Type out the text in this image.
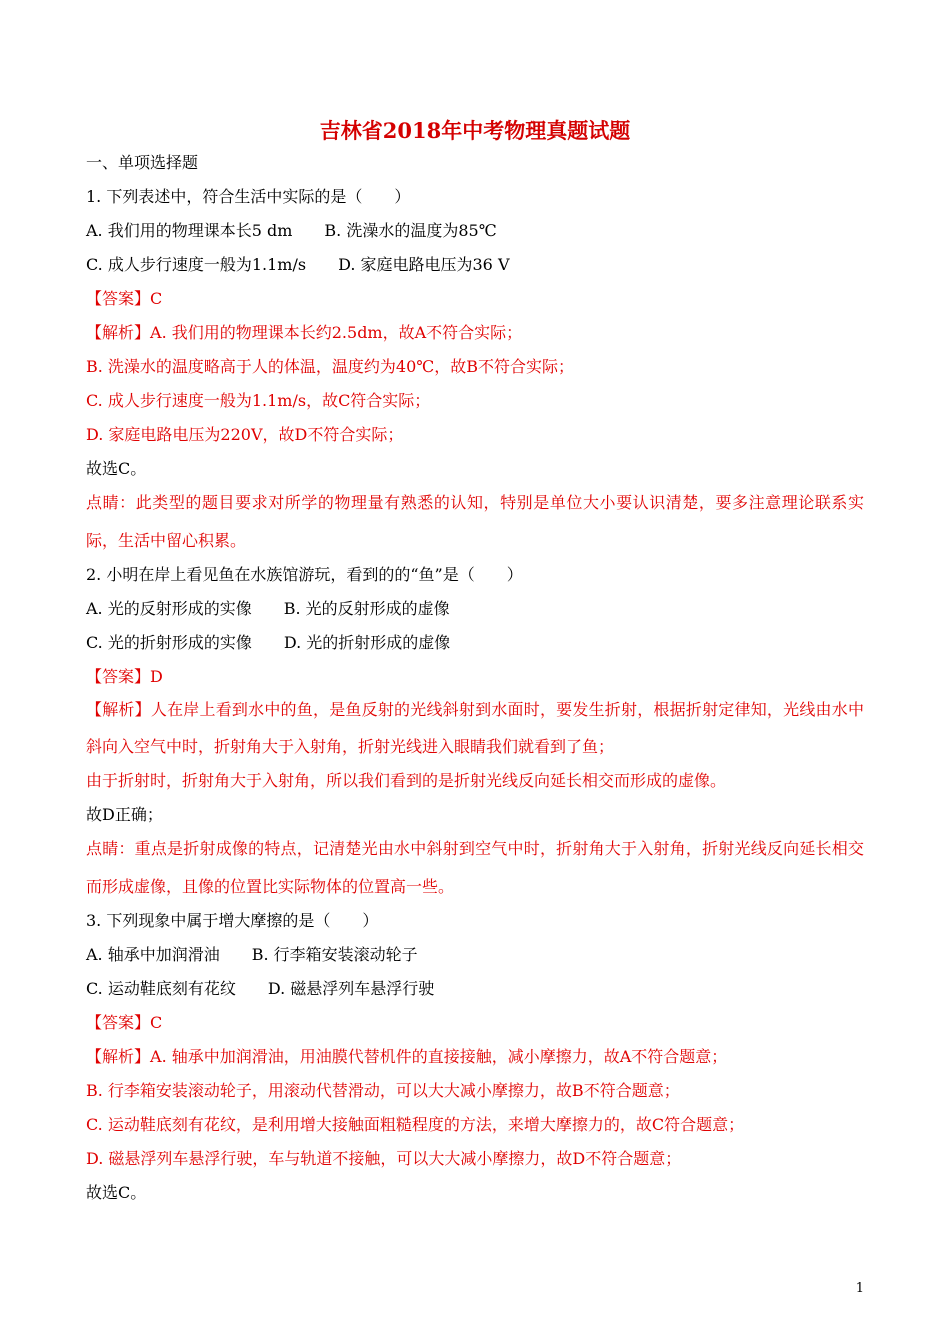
吉林省2018年中考物理真题试题
一、单项选择题
1. 下列表述中，符合生活中实际的是（　　）
A. 我们用的物理课本长5 dm　　B. 洗澡水的温度为85℃
C. 成人步行速度一般为1.1m/s　　D. 家庭电路电压为36 V
【答案】C
【解析】A. 我们用的物理课本长约2.5dm，故A不符合实际；
B. 洗澡水的温度略高于人的体温，温度约为40℃，故B不符合实际；
C. 成人步行速度一般为1.1m/s，故C符合实际；
D. 家庭电路电压为220V，故D不符合实际；
故选C。
点睛：此类型的题目要求对所学的物理量有熟悉的认知，特别是单位大小要认识清楚，要多注意理论联系实
际，生活中留心积累。
2. 小明在岸上看见鱼在水族馆游玩，看到的的“鱼”是（　　）
A. 光的反射形成的实像　　B. 光的反射形成的虚像
C. 光的折射形成的实像　　D. 光的折射形成的虚像
【答案】D
【解析】人在岸上看到水中的鱼，是鱼反射的光线斜射到水面时，要发生折射，根据折射定律知，光线由水中
斜向入空气中时，折射角大于入射角，折射光线进入眼睛我们就看到了鱼；
由于折射时，折射角大于入射角，所以我们看到的是折射光线反向延长相交而形成的虚像。
故D正确；
点睛：重点是折射成像的特点，记清楚光由水中斜射到空气中时，折射角大于入射角，折射光线反向延长相交
而形成虚像，且像的位置比实际物体的位置高一些。
3. 下列现象中属于增大摩擦的是（　　）
A. 轴承中加润滑油　　B. 行李箱安装滚动轮子
C. 运动鞋底刻有花纹　　D. 磁悬浮列车悬浮行驶
【答案】C
【解析】A. 轴承中加润滑油，用油膜代替机件的直接接触，减小摩擦力，故A不符合题意；
B. 行李箱安装滚动轮子，用滚动代替滑动，可以大大减小摩擦力，故B不符合题意；
C. 运动鞋底刻有花纹，是利用增大接触面粗糙程度的方法，来增大摩擦力的，故C符合题意；
D. 磁悬浮列车悬浮行驶，车与轨道不接触，可以大大减小摩擦力，故D不符合题意；
故选C。
1
